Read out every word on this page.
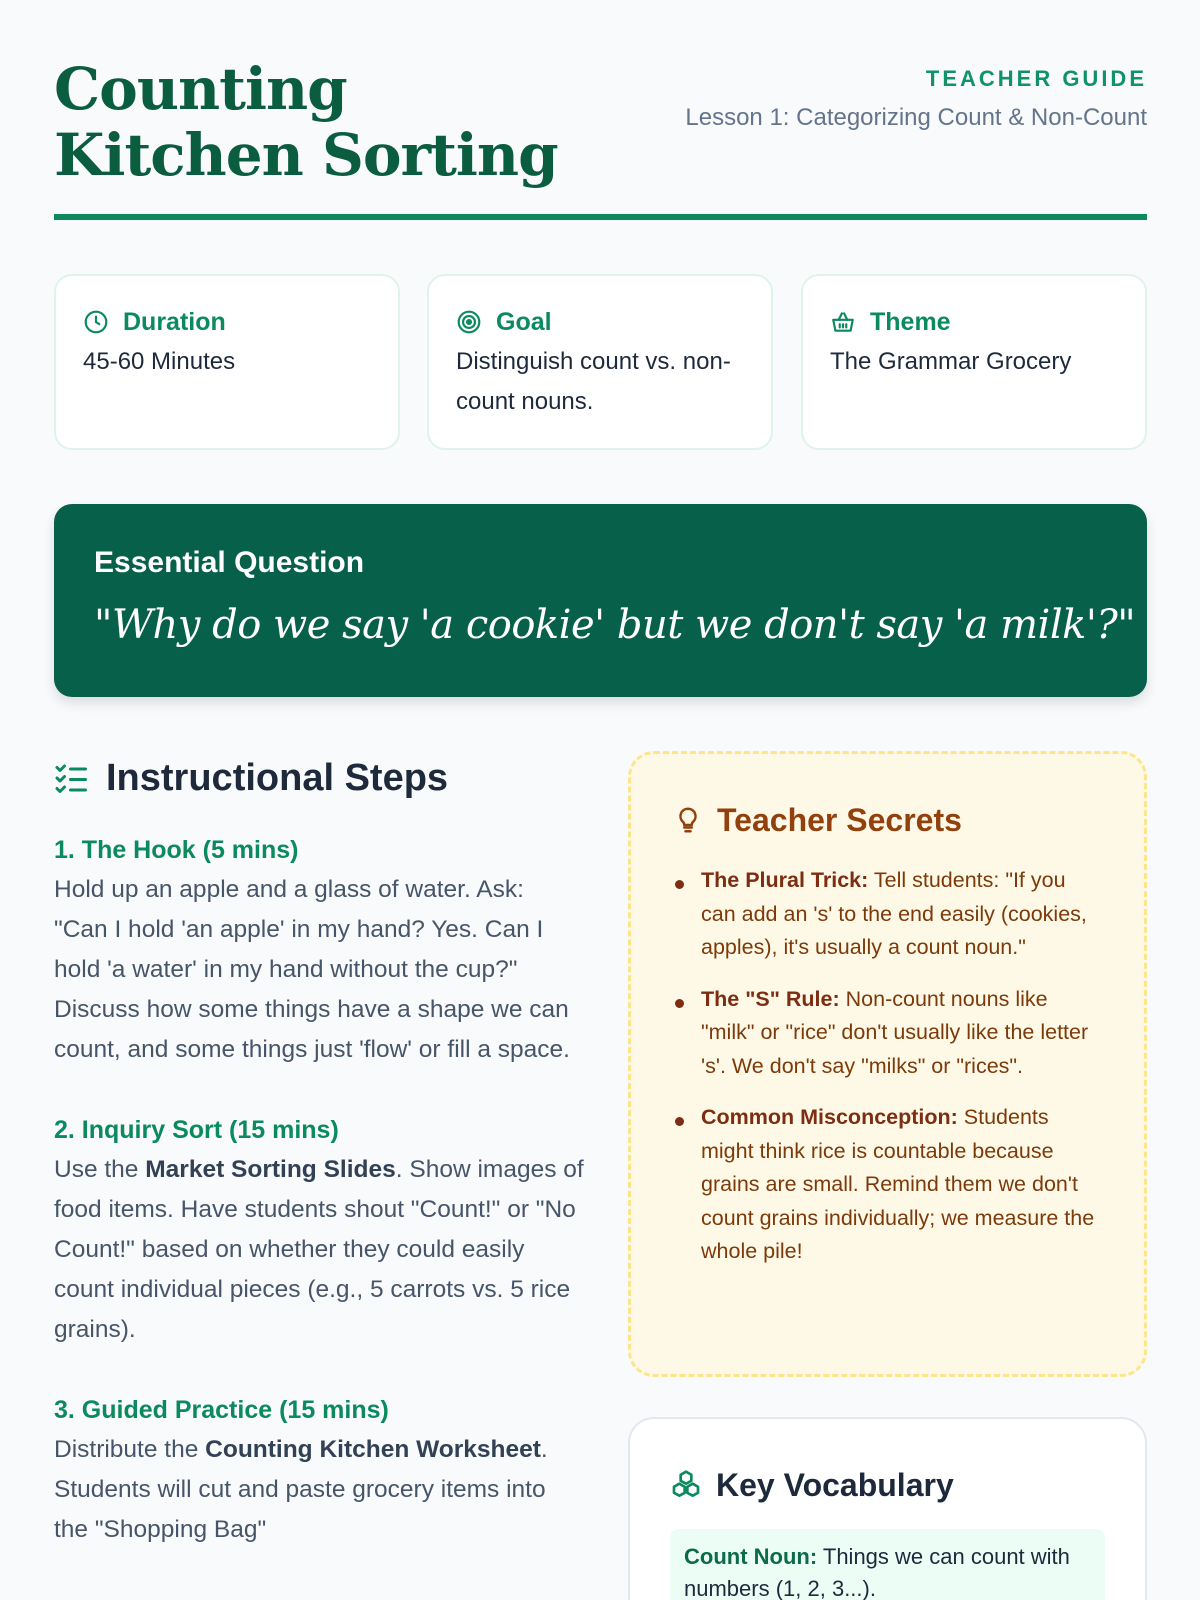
Counting Kitchen Sorting
TEACHER GUIDE
Lesson 1: Categorizing Count & Non-Count
Duration
45-60 Minutes
Goal
Distinguish count vs. non-count nouns.
Theme
The Grammar Grocery
Essential Question
"Why do we say 'a cookie' but we don't say 'a milk'?"
Instructional Steps
1. The Hook (5 mins)
Hold up an apple and a glass of water. Ask: "Can I hold 'an apple' in my hand? Yes. Can I hold 'a water' in my hand without the cup?" Discuss how some things have a shape we can count, and some things just 'flow' or fill a space.
2. Inquiry Sort (15 mins)
Use the Market Sorting Slides. Show images of food items. Have students shout "Count!" or "No Count!" based on whether they could easily count individual pieces (e.g., 5 carrots vs. 5 rice grains).
3. Guided Practice (15 mins)
Distribute the Counting Kitchen Worksheet. Students will cut and paste grocery items into the "Shopping Bag"
Teacher Secrets
The Plural Trick: Tell students: "If you can add an 's' to the end easily (cookies, apples), it's usually a count noun."
The "S" Rule: Non-count nouns like "milk" or "rice" don't usually like the letter 's'. We don't say "milks" or "rices".
Common Misconception: Students might think rice is countable because grains are small. Remind them we don't count grains individually; we measure the whole pile!
Key Vocabulary
Count Noun: Things we can count with numbers (1, 2, 3...).
